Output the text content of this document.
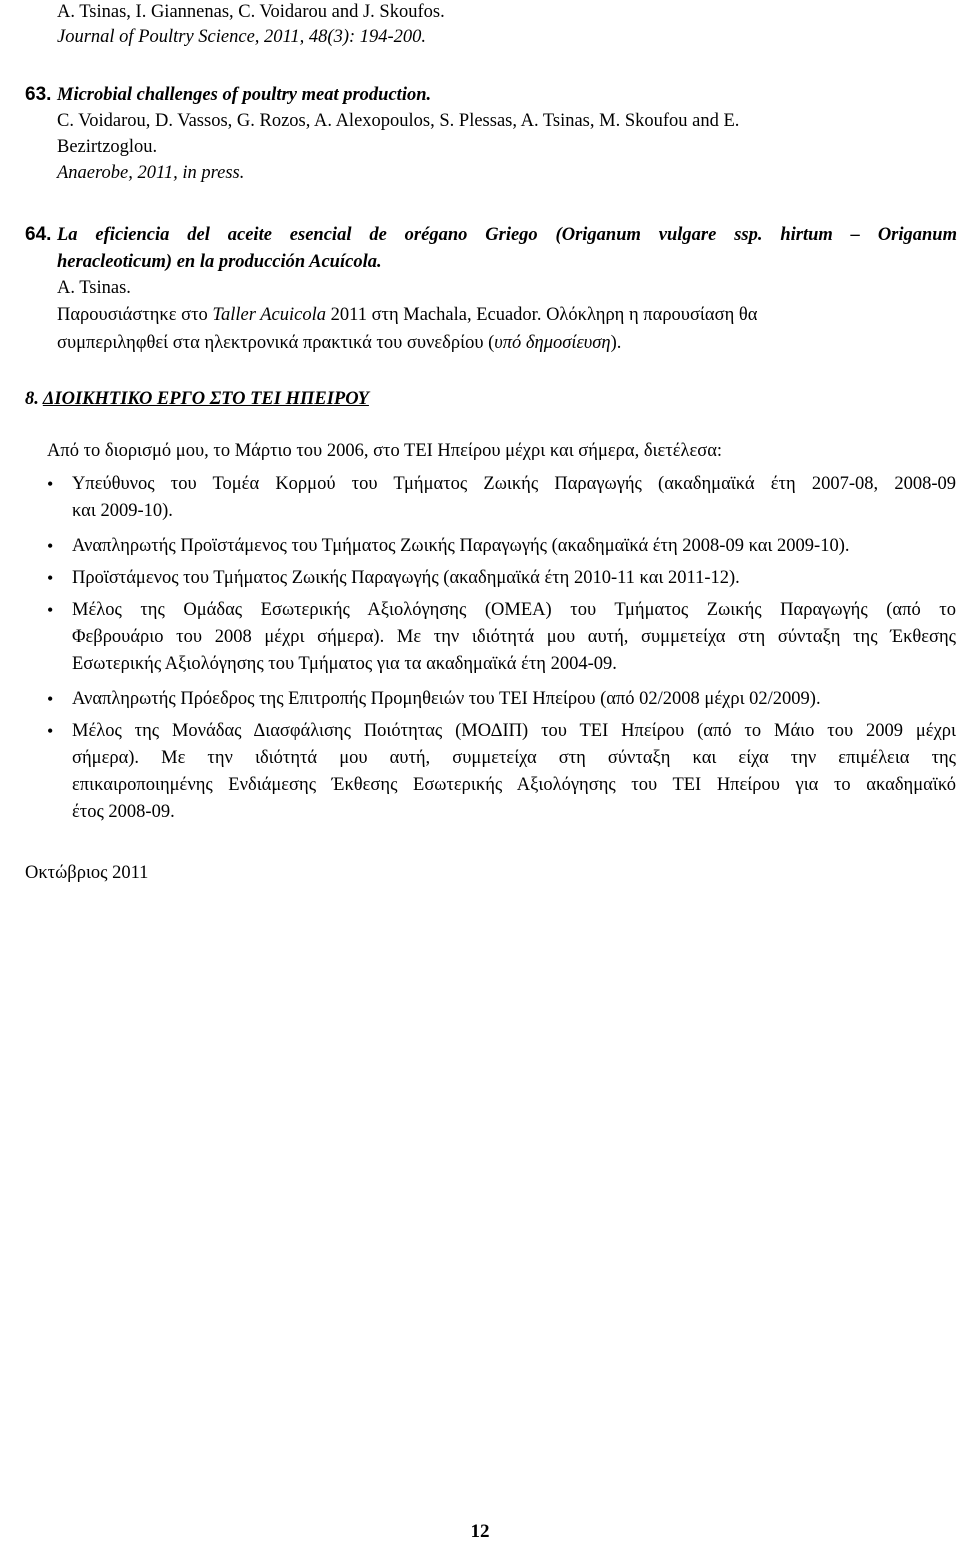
A. Tsinas, I. Giannenas, C. Voidarou and J. Skoufos.
Journal of Poultry Science, 2011, 48(3): 194-200.
63. Microbial challenges of poultry meat production.
C. Voidarou, D. Vassos, G. Rozos, A. Alexopoulos, S. Plessas, A. Tsinas, M. Skoufou and E.
Bezirtzoglou.
Anaerobe, 2011, in press.
64. La eficiencia del aceite esencial de orégano Griego (Origanum vulgare ssp. hirtum – Origanum
heracleoticum) en la producción Acuícola.
A. Tsinas.
Παρουσιάστηκε στο Taller Acuicola 2011 στη Machala, Ecuador. Ολόκληρη η παρουσίαση θα
συμπεριληφθεί στα ηλεκτρονικά πρακτικά του συνεδρίου (υπό δημοσίευση).
8. ΔΙΟΙΚΗΤΙΚΟ ΕΡΓΟ ΣΤΟ ΤΕΙ ΗΠΕΙΡΟΥ
Από το διορισμό μου, το Μάρτιο του 2006, στο ΤΕΙ Ηπείρου μέχρι και σήμερα, διετέλεσα:
• Υπεύθυνος του Τομέα Κορμού του Τμήματος Ζωικής Παραγωγής (ακαδημαϊκά έτη 2007-08, 2008-09
και 2009-10).
• Αναπληρωτής Προϊστάμενος του Τμήματος Ζωικής Παραγωγής (ακαδημαϊκά έτη 2008-09 και 2009-10).
• Προϊστάμενος του Τμήματος Ζωικής Παραγωγής (ακαδημαϊκά έτη 2010-11 και 2011-12).
• Μέλος της Ομάδας Εσωτερικής Αξιολόγησης (ΟΜΕΑ) του Τμήματος Ζωικής Παραγωγής (από το
Φεβρουάριο του 2008 μέχρι σήμερα). Με την ιδιότητά μου αυτή, συμμετείχα στη σύνταξη της Έκθεσης
Εσωτερικής Αξιολόγησης του Τμήματος για τα ακαδημαϊκά έτη 2004-09.
• Αναπληρωτής Πρόεδρος της Επιτροπής Προμηθειών του ΤΕΙ Ηπείρου (από 02/2008 μέχρι 02/2009).
• Μέλος της Μονάδας Διασφάλισης Ποιότητας (ΜΟΔΙΠ) του ΤΕΙ Ηπείρου (από το Μάιο του 2009 μέχρι
σήμερα). Με την ιδιότητά μου αυτή, συμμετείχα στη σύνταξη και είχα την επιμέλεια της
επικαιροποιημένης Ενδιάμεσης Έκθεσης Εσωτερικής Αξιολόγησης του ΤΕΙ Ηπείρου για το ακαδημαϊκό
έτος 2008-09.
Οκτώβριος 2011
12
